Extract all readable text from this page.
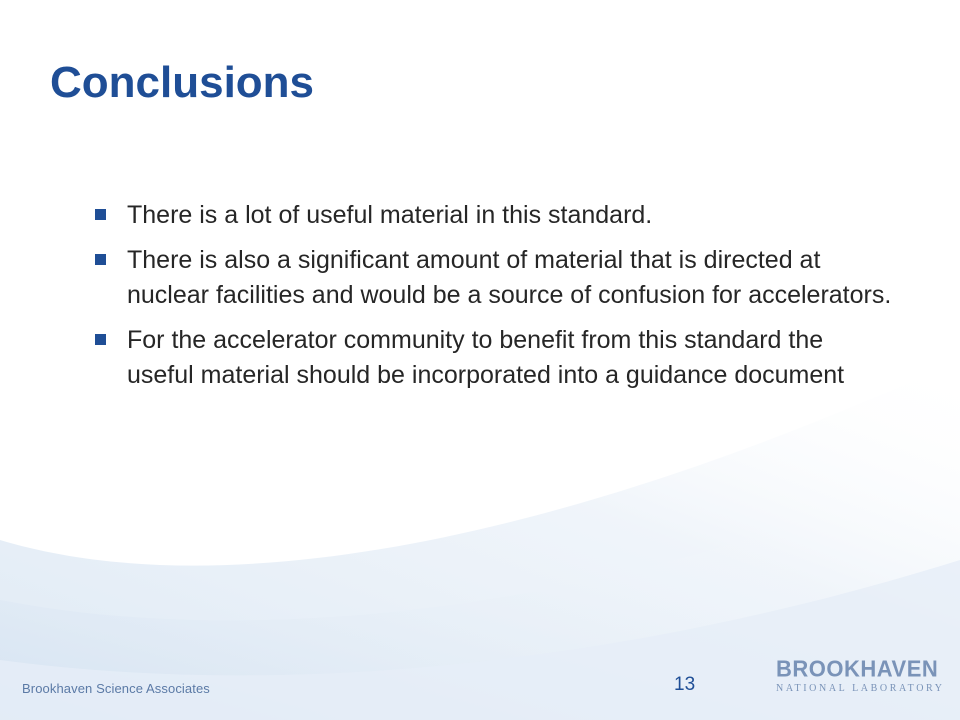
Conclusions
There is a lot of useful material in this standard.
There is also a significant amount of material that is directed at nuclear facilities and would be a source of confusion for accelerators.
For the accelerator community to benefit from this standard the useful material should be incorporated into a guidance document
Brookhaven Science Associates	13
BROOKHAVEN
NATIONAL LABORATORY
